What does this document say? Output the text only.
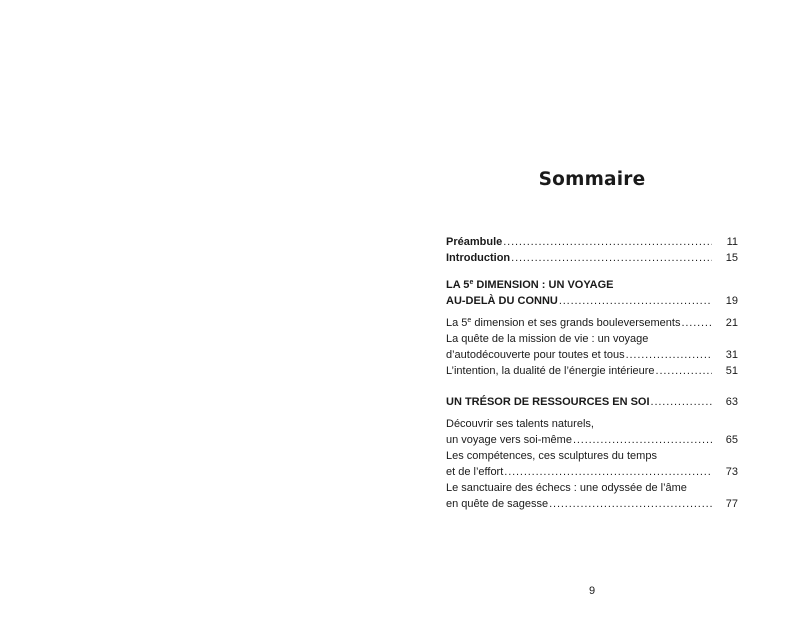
Sommaire
Préambule . . .	11
Introduction . . .	15
LA 5e DIMENSION : UN VOYAGE
AU-DELÀ DU CONNU . . .	19
La 5e dimension et ses grands bouleversements . . .	21
La quête de la mission de vie : un voyage
d’autodécouverte pour toutes et tous . . .	31
L’intention, la dualité de l’énergie intérieure . . .	51
UN TRÉSOR DE RESSOURCES EN SOI . . .	63
Découvrir ses talents naturels,
un voyage vers soi-même . . .	65
Les compétences, ces sculptures du temps
et de l’effort . . .	73
Le sanctuaire des échecs : une odyssée de l’âme
en quête de sagesse . . .	77
9
